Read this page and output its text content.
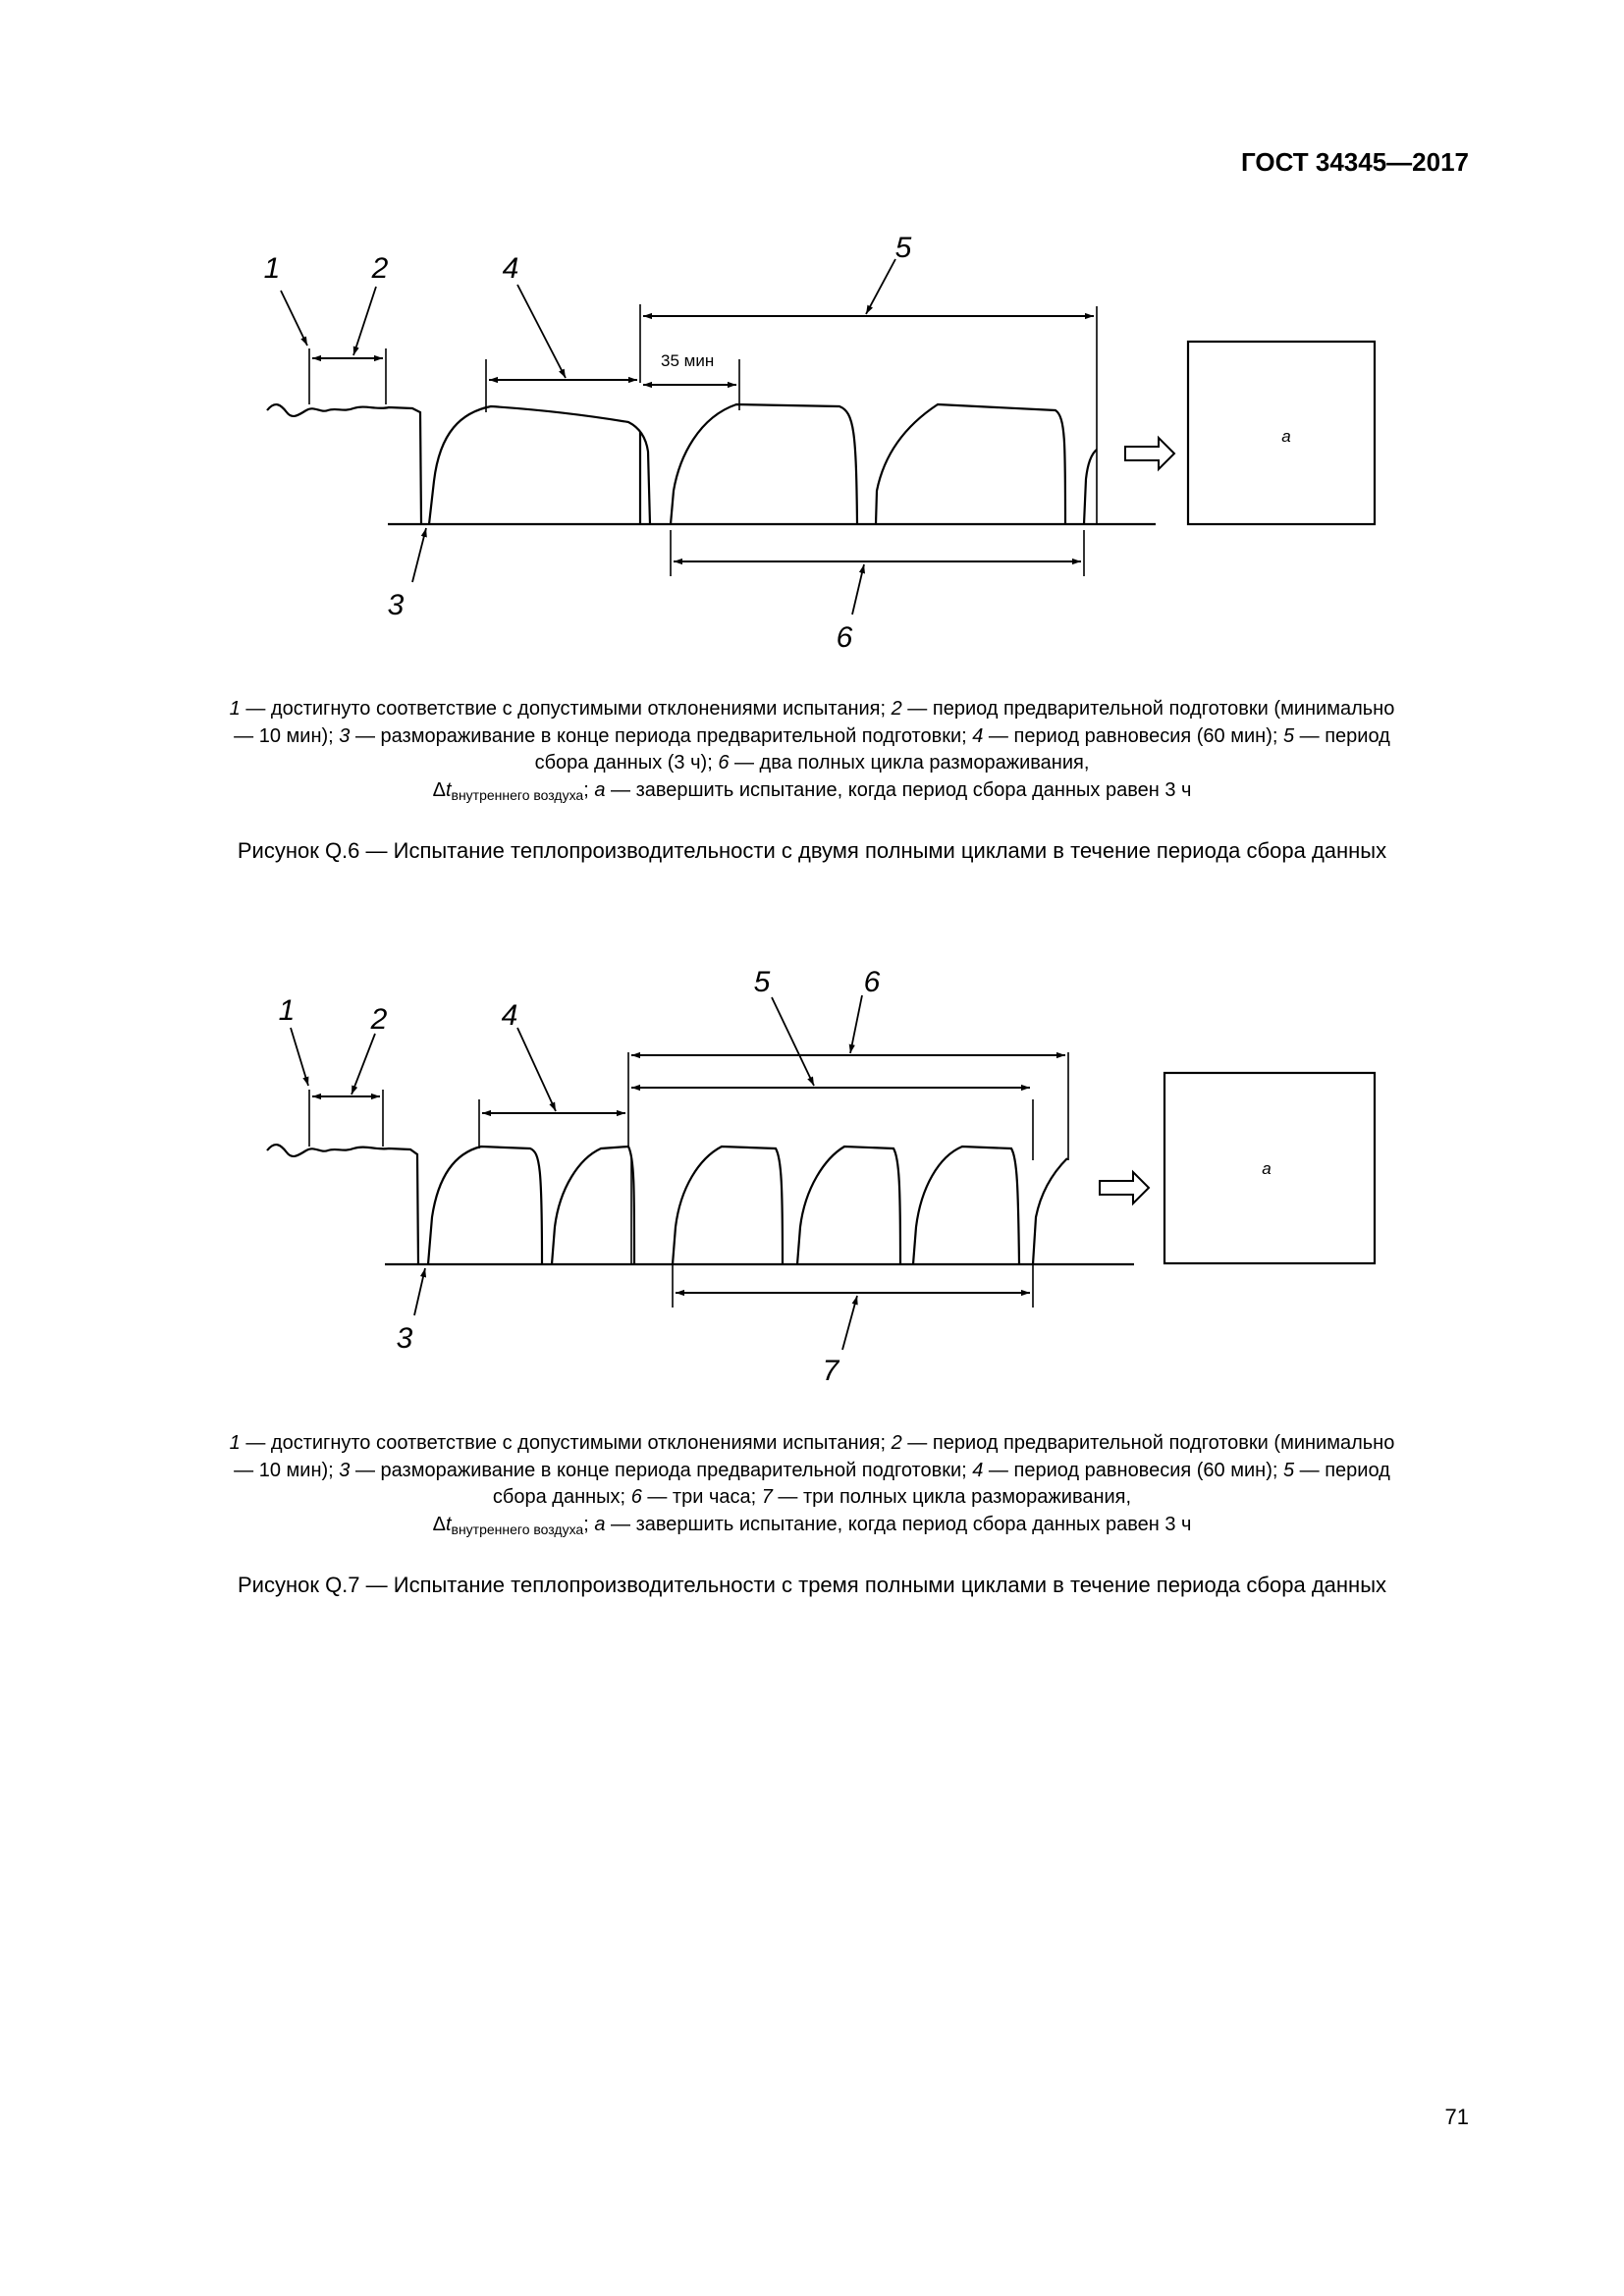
ГОСТ 34345—2017
1	2	4
5
3
6
35 мин
a
1 — достигнуто соответствие с допустимыми отклонениями испытания; 2 — период предварительной подготовки (минимально — 10 мин); 3 — размораживание в конце периода предварительной подготовки; 4 — период равновесия (60 мин); 5 — период сбора данных (3 ч); 6 — два полных цикла размораживания,
$\Delta t_{внутреннего воздуха}$; a — завершить испытание, когда период сбора данных равен 3 ч
Рисунок Q.6 — Испытание теплопроизводительности с двумя полными циклами в течение периода сбора данных
1	2	4
5	6
3
7
a
1 — достигнуто соответствие с допустимыми отклонениями испытания; 2 — период предварительной подготовки (минимально — 10 мин); 3 — размораживание в конце периода предварительной подготовки; 4 — период равновесия (60 мин); 5 — период сбора данных; 6 — три часа; 7 — три полных цикла размораживания,
$\Delta t_{внутреннего воздуха}$; a — завершить испытание, когда период сбора данных равен 3 ч
Рисунок Q.7 — Испытание теплопроизводительности с тремя полными циклами в течение периода сбора данных
71
